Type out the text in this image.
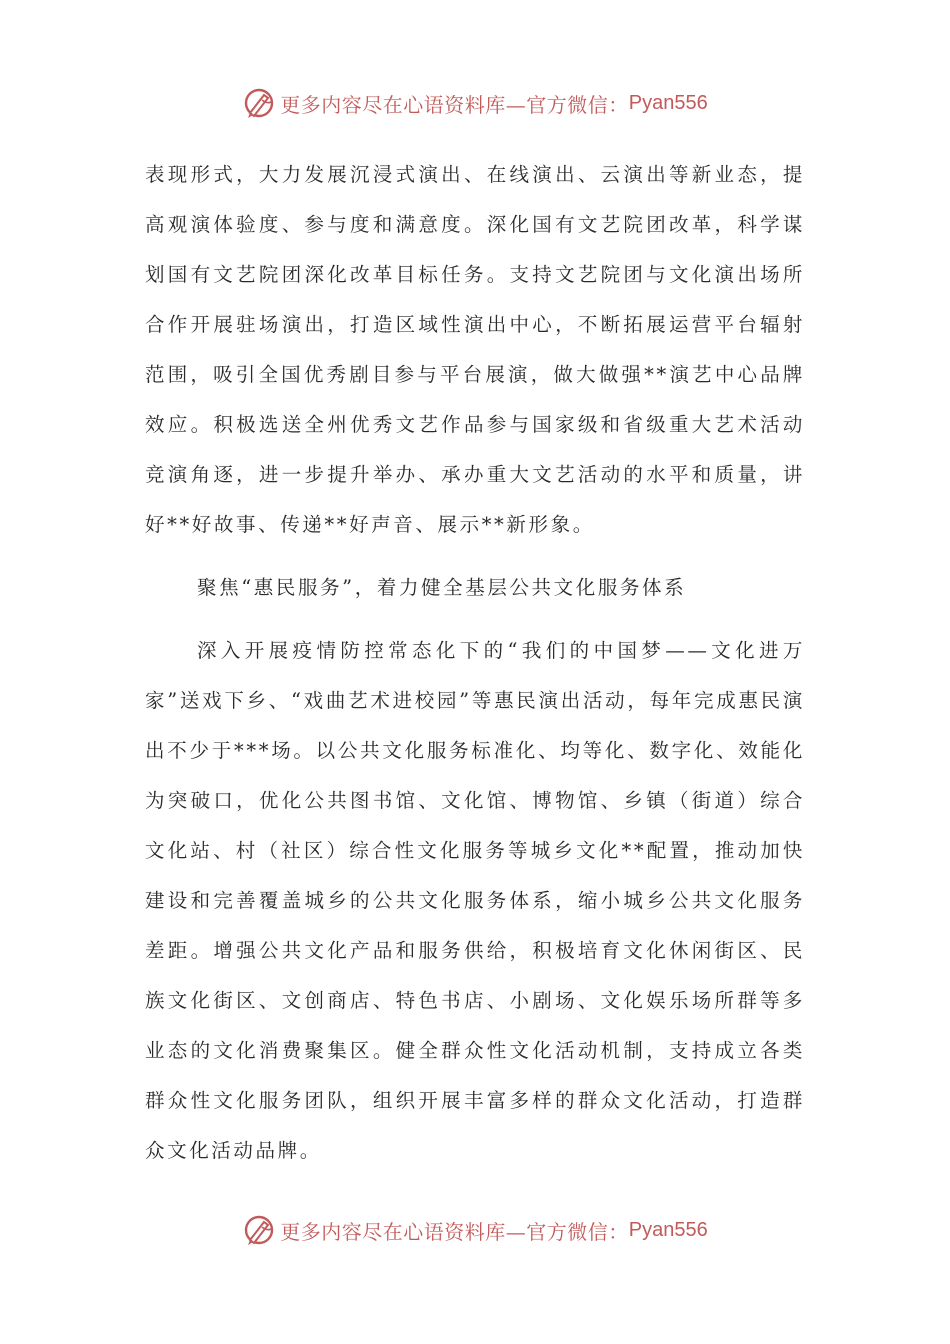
更多内容尽在心语资料库—官方微信： Pyan556

表现形式，大力发展沉浸式演出、在线演出、云演出等新业态，提高观演体验度、参与度和满意度。深化国有文艺院团改革，科学谋划国有文艺院团深化改革目标任务。支持文艺院团与文化演出场所合作开展驻场演出，打造区域性演出中心，不断拓展运营平台辐射范围，吸引全国优秀剧目参与平台展演，做大做强**演艺中心品牌效应。积极选送全州优秀文艺作品参与国家级和省级重大艺术活动竞演角逐，进一步提升举办、承办重大文艺活动的水平和质量，讲好**好故事、传递**好声音、展示**新形象。

聚焦“惠民服务”，着力健全基层公共文化服务体系

深入开展疫情防控常态化下的“我们的中国梦——文化进万家”送戏下乡、“戏曲艺术进校园”等惠民演出活动，每年完成惠民演出不少于***场。以公共文化服务标准化、均等化、数字化、效能化为突破口，优化公共图书馆、文化馆、博物馆、乡镇（街道）综合文化站、村（社区）综合性文化服务等城乡文化**配置，推动加快建设和完善覆盖城乡的公共文化服务体系，缩小城乡公共文化服务差距。增强公共文化产品和服务供给，积极培育文化休闲街区、民族文化街区、文创商店、特色书店、小剧场、文化娱乐场所群等多业态的文化消费聚集区。健全群众性文化活动机制，支持成立各类群众性文化服务团队，组织开展丰富多样的群众文化活动，打造群众文化活动品牌。

更多内容尽在心语资料库—官方微信： Pyan556
